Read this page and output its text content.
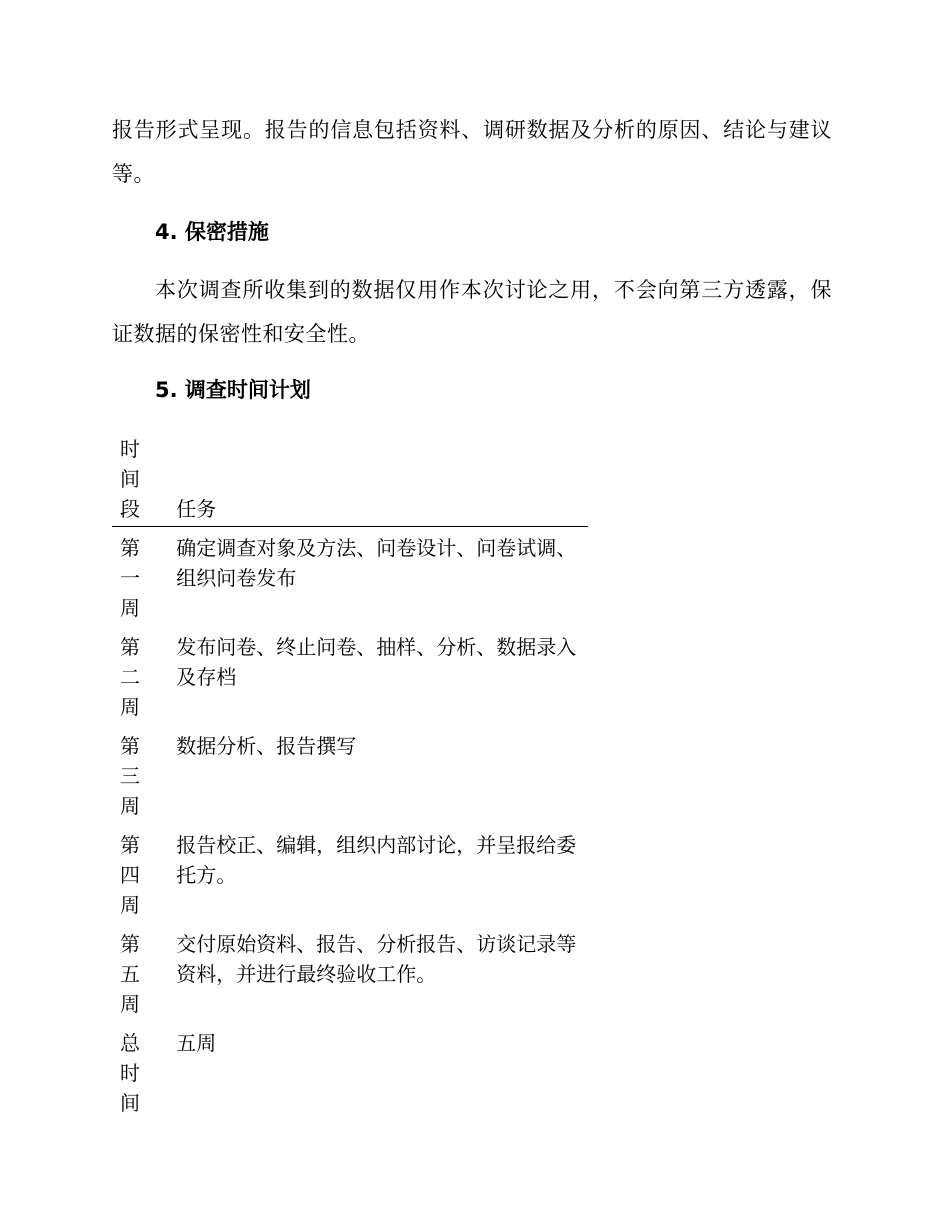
报告形式呈现。报告的信息包括资料、调研数据及分析的原因、结论与建议等。

4. 保密措施

本次调查所收集到的数据仅用作本次讨论之用，不会向第三方透露，保证数据的保密性和安全性。

5. 调查时间计划
时间段	任务

第一周	确定调查对象及方法、问卷设计、问卷试调、组织问卷发布

第二周	发布问卷、终止问卷、抽样、分析、数据录入及存档

第三周	数据分析、报告撰写

第四周	报告校正、编辑，组织内部讨论，并呈报给委托方。

第五周	交付原始资料、报告、分析报告、访谈记录等资料，并进行最终验收工作。

总时间	五周
